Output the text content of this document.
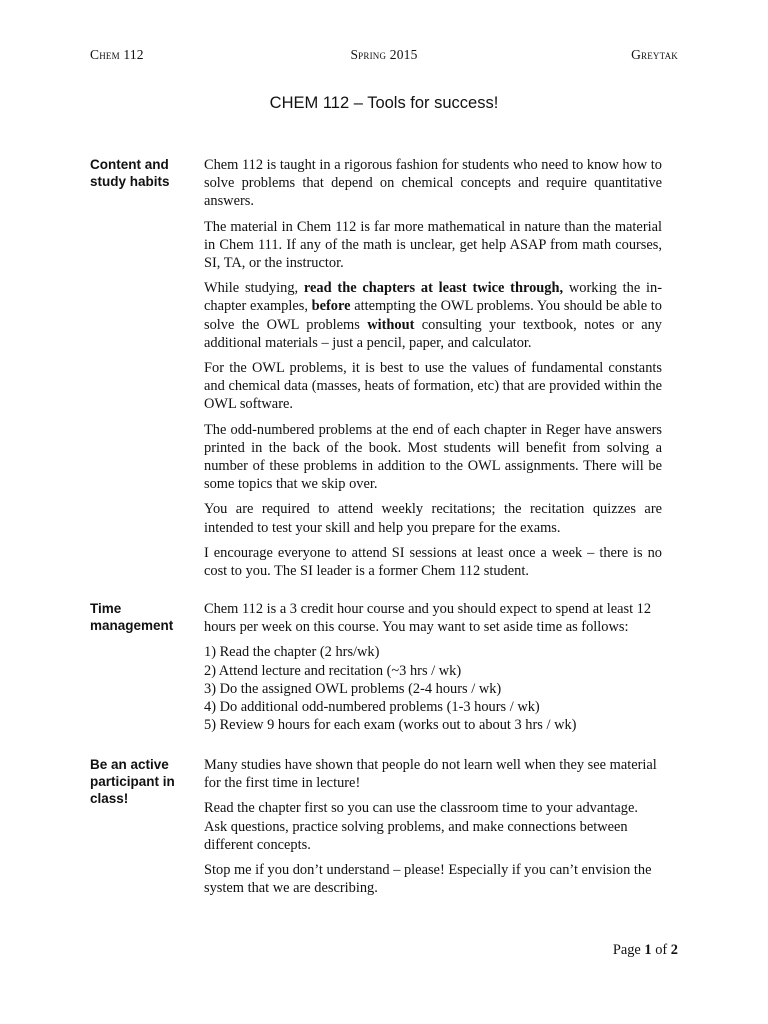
Chem 112	Spring 2015	Greytak
CHEM 112 – Tools for success!
Content and study habits

Chem 112 is taught in a rigorous fashion for students who need to know how to solve problems that depend on chemical concepts and require quantitative answers.

The material in Chem 112 is far more mathematical in nature than the material in Chem 111. If any of the math is unclear, get help ASAP from math courses, SI, TA, or the instructor.

While studying, read the chapters at least twice through, working the in-chapter examples, before attempting the OWL problems. You should be able to solve the OWL problems without consulting your textbook, notes or any additional materials – just a pencil, paper, and calculator.

For the OWL problems, it is best to use the values of fundamental constants and chemical data (masses, heats of formation, etc) that are provided within the OWL software.

The odd-numbered problems at the end of each chapter in Reger have answers printed in the back of the book. Most students will benefit from solving a number of these problems in addition to the OWL assignments. There will be some topics that we skip over.

You are required to attend weekly recitations; the recitation quizzes are intended to test your skill and help you prepare for the exams.

I encourage everyone to attend SI sessions at least once a week – there is no cost to you. The SI leader is a former Chem 112 student.

Time management

Chem 112 is a 3 credit hour course and you should expect to spend at least 12 hours per week on this course. You may want to set aside time as follows:

1) Read the chapter (2 hrs/wk)
2) Attend lecture and recitation (~3 hrs / wk)
3) Do the assigned OWL problems (2-4 hours / wk)
4) Do additional odd-numbered problems (1-3 hours / wk)
5) Review 9 hours for each exam (works out to about 3 hrs / wk)
Be an active participant in class!

Many studies have shown that people do not learn well when they see material for the first time in lecture!

Read the chapter first so you can use the classroom time to your advantage. Ask questions, practice solving problems, and make connections between different concepts.

Stop me if you don’t understand – please! Especially if you can’t envision the system that we are describing.

Page 1 of 2
